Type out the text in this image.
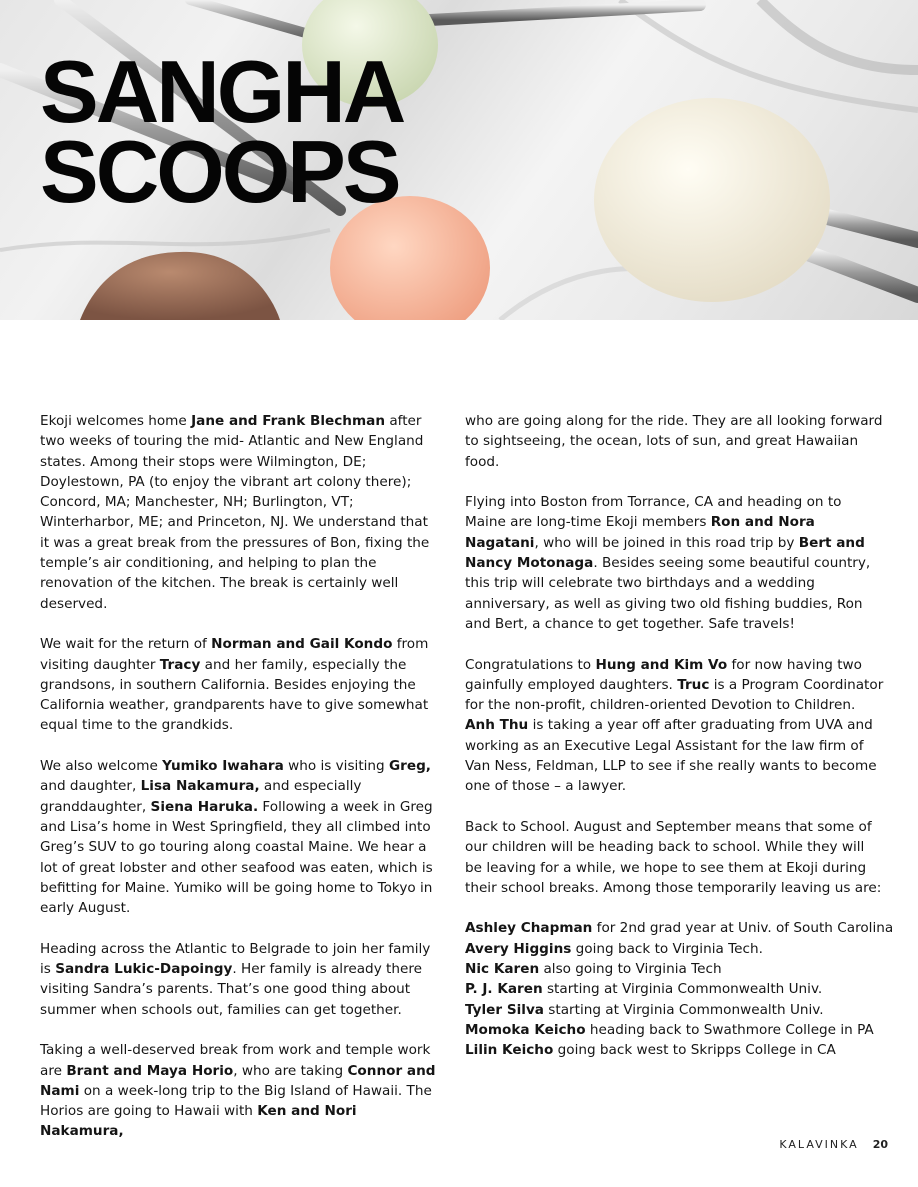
SANGHA
SCOOPS

Ekoji welcomes home Jane and Frank Blechman after two weeks of touring the mid- Atlantic and New England states. Among their stops were Wilmington, DE; Doylestown, PA (to enjoy the vibrant art colony there); Concord, MA; Manchester, NH; Burlington, VT; Winterharbor, ME; and Princeton, NJ. We understand that it was a great break from the pressures of Bon, fixing the temple’s air conditioning, and helping to plan the renovation of the kitchen. The break is certainly well deserved.

We wait for the return of Norman and Gail Kondo from visiting daughter Tracy and her family, especially the grandsons, in southern California. Besides enjoying the California weather, grandparents have to give somewhat equal time to the grandkids.

We also welcome Yumiko Iwahara who is visiting Greg, and daughter, Lisa Nakamura, and especially granddaughter, Siena Haruka. Following a week in Greg and Lisa’s home in West Springfield, they all climbed into Greg’s SUV to go touring along coastal Maine. We hear a lot of great lobster and other seafood was eaten, which is befitting for Maine. Yumiko will be going home to Tokyo in early August.

Heading across the Atlantic to Belgrade to join her family is Sandra Lukic-Dapoingy. Her family is already there visiting Sandra’s parents. That’s one good thing about summer when schools out, families can get together.

Taking a well-deserved break from work and temple work are Brant and Maya Horio, who are taking Connor and Nami on a week-long trip to the Big Island of Hawaii. The Horios are going to Hawaii with Ken and Nori Nakamura,

who are going along for the ride. They are all looking forward to sightseeing, the ocean, lots of sun, and great Hawaiian food.

Flying into Boston from Torrance, CA and heading on to Maine are long-time Ekoji members Ron and Nora Nagatani, who will be joined in this road trip by Bert and Nancy Motonaga. Besides seeing some beautiful country, this trip will celebrate two birthdays and a wedding anniversary, as well as giving two old fishing buddies, Ron and Bert, a chance to get together. Safe travels!

Congratulations to Hung and Kim Vo for now having two gainfully employed daughters. Truc is a Program Coordinator for the non-profit, children-oriented Devotion to Children. Anh Thu is taking a year off after graduating from UVA and working as an Executive Legal Assistant for the law firm of Van Ness, Feldman, LLP to see if she really wants to become one of those – a lawyer.

Back to School. August and September means that some of our children will be heading back to school. While they will be leaving for a while, we hope to see them at Ekoji during their school breaks. Among those temporarily leaving us are:

Ashley Chapman for 2nd grad year at Univ. of South Carolina
Avery Higgins going back to Virginia Tech.
Nic Karen also going to Virginia Tech
P. J. Karen starting at Virginia Commonwealth Univ.
Tyler Silva starting at Virginia Commonwealth Univ.
Momoka Keicho heading back to Swathmore College in PA
Lilin Keicho going back west to Skripps College in CA
KALAVINKA 20
